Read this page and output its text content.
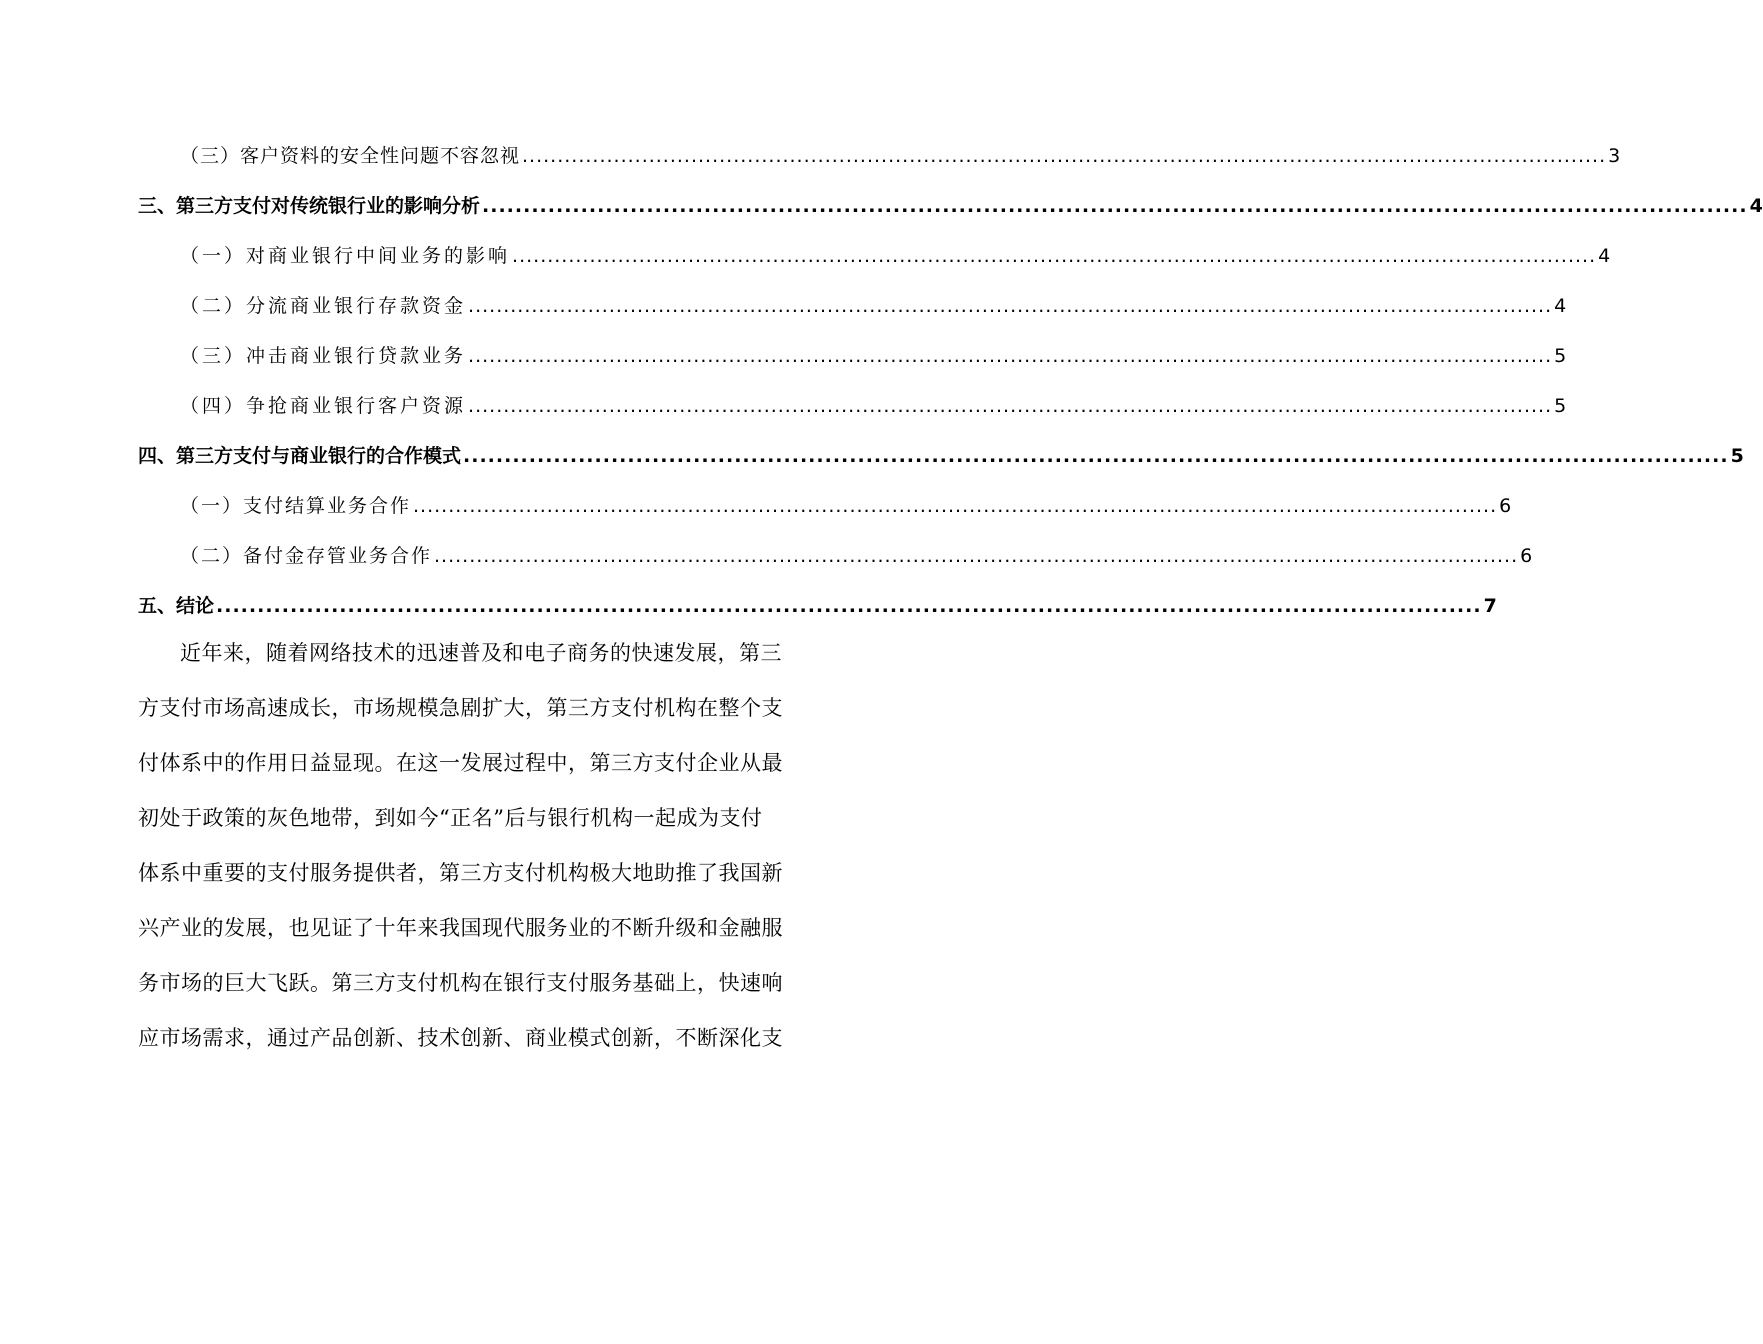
（三）客户资料的安全性问题不容忽视 .......................................................................................................................................................... 3
三、 第三方支付对传统银行业的影响分析 .......................................................................................................................................................... 4
（一） 对商业银行中间业务的影响 .......................................................................................................................................................... 4
（二） 分流商业银行存款资金 .......................................................................................................................................................... 4
（三） 冲击商业银行贷款业务 .......................................................................................................................................................... 5
（四） 争抢商业银行客户资源 .......................................................................................................................................................... 5
四、 第三方支付与商业银行的合作模式 .......................................................................................................................................................... 5
（一）支付结算业务合作 .......................................................................................................................................................... 6
（二）备付金存管业务合作 .......................................................................................................................................................... 6
五、 结论 .......................................................................................................................................................... 7
近年来，随着网络技术的迅速普及和电子商务的快速发展，第三
方支付市场高速成长，市场规模急剧扩大，第三方支付机构在整个支
付体系中的作用日益显现。在这一发展过程中，第三方支付企业从最
初处于政策的灰色地带，到如今“正名”后与银行机构一起成为支付
体系中重要的支付服务提供者，第三方支付机构极大地助推了我国新
兴产业的发展，也见证了十年来我国现代服务业的不断升级和金融服
务市场的巨大飞跃。第三方支付机构在银行支付服务基础上，快速响
应市场需求，通过产品创新、技术创新、商业模式创新，不断深化支
